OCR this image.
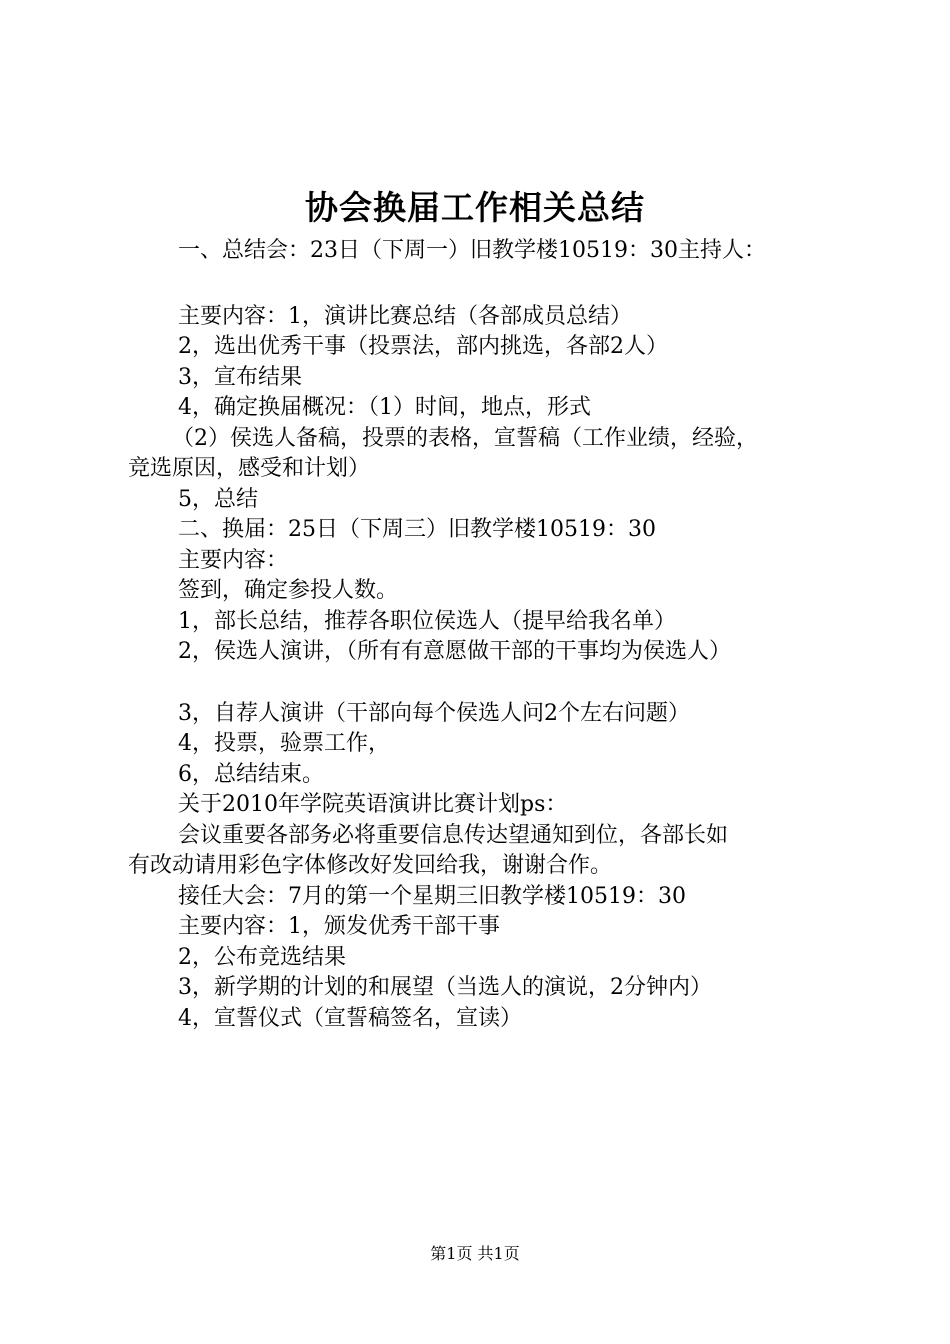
协会换届工作相关总结
一、总结会：23日（下周一）旧教学楼10519：30主持人：
主要内容：1，演讲比赛总结（各部成员总结）
2，选出优秀干事（投票法，部内挑选，各部2人）
3，宣布结果
4，确定换届概况：（1）时间，地点，形式
（2）侯选人备稿，投票的表格，宣誓稿（工作业绩，经验，
竞选原因，感受和计划）
5，总结
二、换届：25日（下周三）旧教学楼10519：30
主要内容：
签到，确定参投人数。
1，部长总结，推荐各职位侯选人（提早给我名单）
2，侯选人演讲，（所有有意愿做干部的干事均为侯选人）
3，自荐人演讲（干部向每个侯选人问2个左右问题）
4，投票，验票工作，
6，总结结束。
关于2010年学院英语演讲比赛计划ps：
会议重要各部务必将重要信息传达望通知到位，各部长如
有改动请用彩色字体修改好发回给我，谢谢合作。
接任大会：7月的第一个星期三旧教学楼10519：30
主要内容：1，颁发优秀干部干事
2，公布竞选结果
3，新学期的计划的和展望（当选人的演说，2分钟内）
4，宣誓仪式（宣誓稿签名，宣读）
第1页 共1页
